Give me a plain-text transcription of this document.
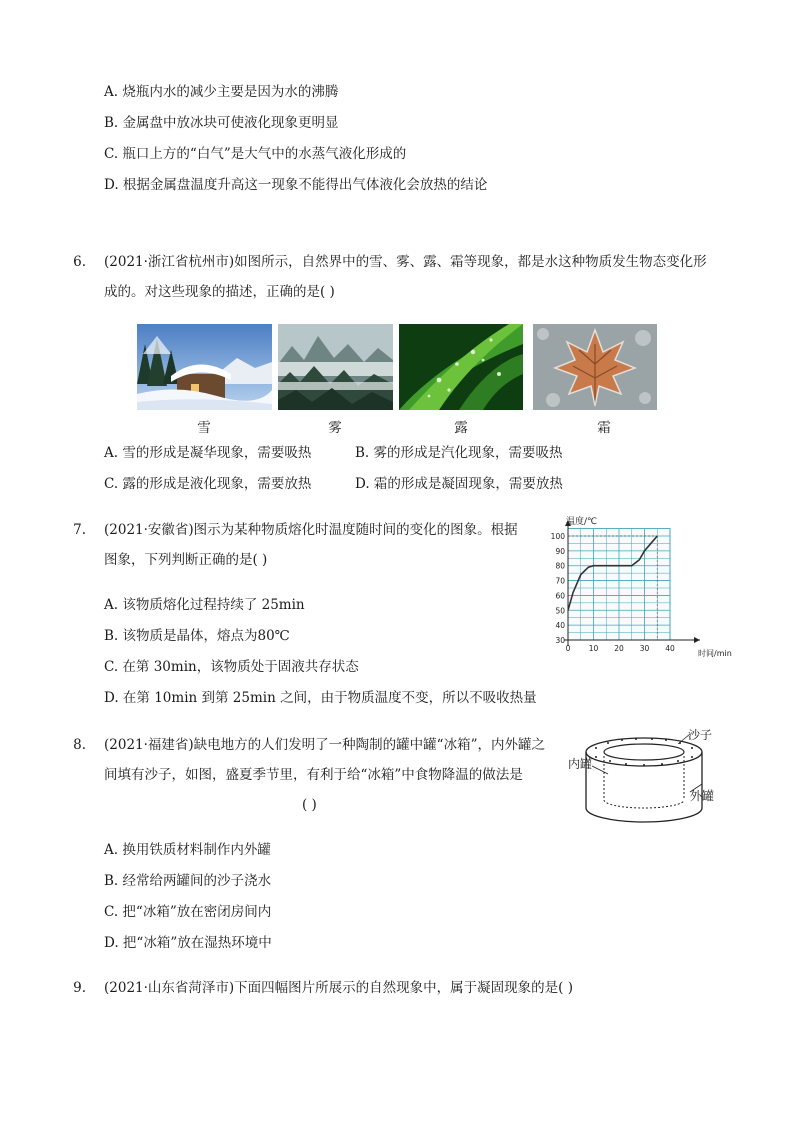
A. 烧瓶内水的减少主要是因为水的沸腾
B. 金属盘中放冰块可使液化现象更明显
C. 瓶口上方的“白气”是大气中的水蒸气液化形成的
D. 根据金属盘温度升高这一现象不能得出气体液化会放热的结论
6. (2021·浙江省杭州市)如图所示，自然界中的雪、雾、露、霜等现象，都是水这种物质发生物态变化形
成的。对这些现象的描述，正确的是( )
雪	雾	露	霜
A. 雪的形成是凝华现象，需要吸热	B. 雾的形成是汽化现象，需要吸热
C. 露的形成是液化现象，需要放热	D. 霜的形成是凝固现象，需要放热
7. (2021·安徽省)图示为某种物质熔化时温度随时间的变化的图象。根据
图象，下列判断正确的是( )
A. 该物质熔化过程持续了 25min
B. 该物质是晶体，熔点为80℃
C. 在第 30min，该物质处于固液共存状态
D. 在第 10min 到第 25min 之间，由于物质温度不变，所以不吸收热量
100
90
80
70
60
50
40
30
0 10 20 30 40
温度/℃
时间/min
8. (2021·福建省)缺电地方的人们发明了一种陶制的罐中罐“冰箱”，内外罐之
间填有沙子，如图，盛夏季节里，有利于给“冰箱”中食物降温的做法是
( )
A. 换用铁质材料制作内外罐
B. 经常给两罐间的沙子浇水
C. 把“冰箱”放在密闭房间内
D. 把“冰箱”放在湿热环境中
沙子
内罐
外罐
9. (2021·山东省菏泽市)下面四幅图片所展示的自然现象中，属于凝固现象的是( )
